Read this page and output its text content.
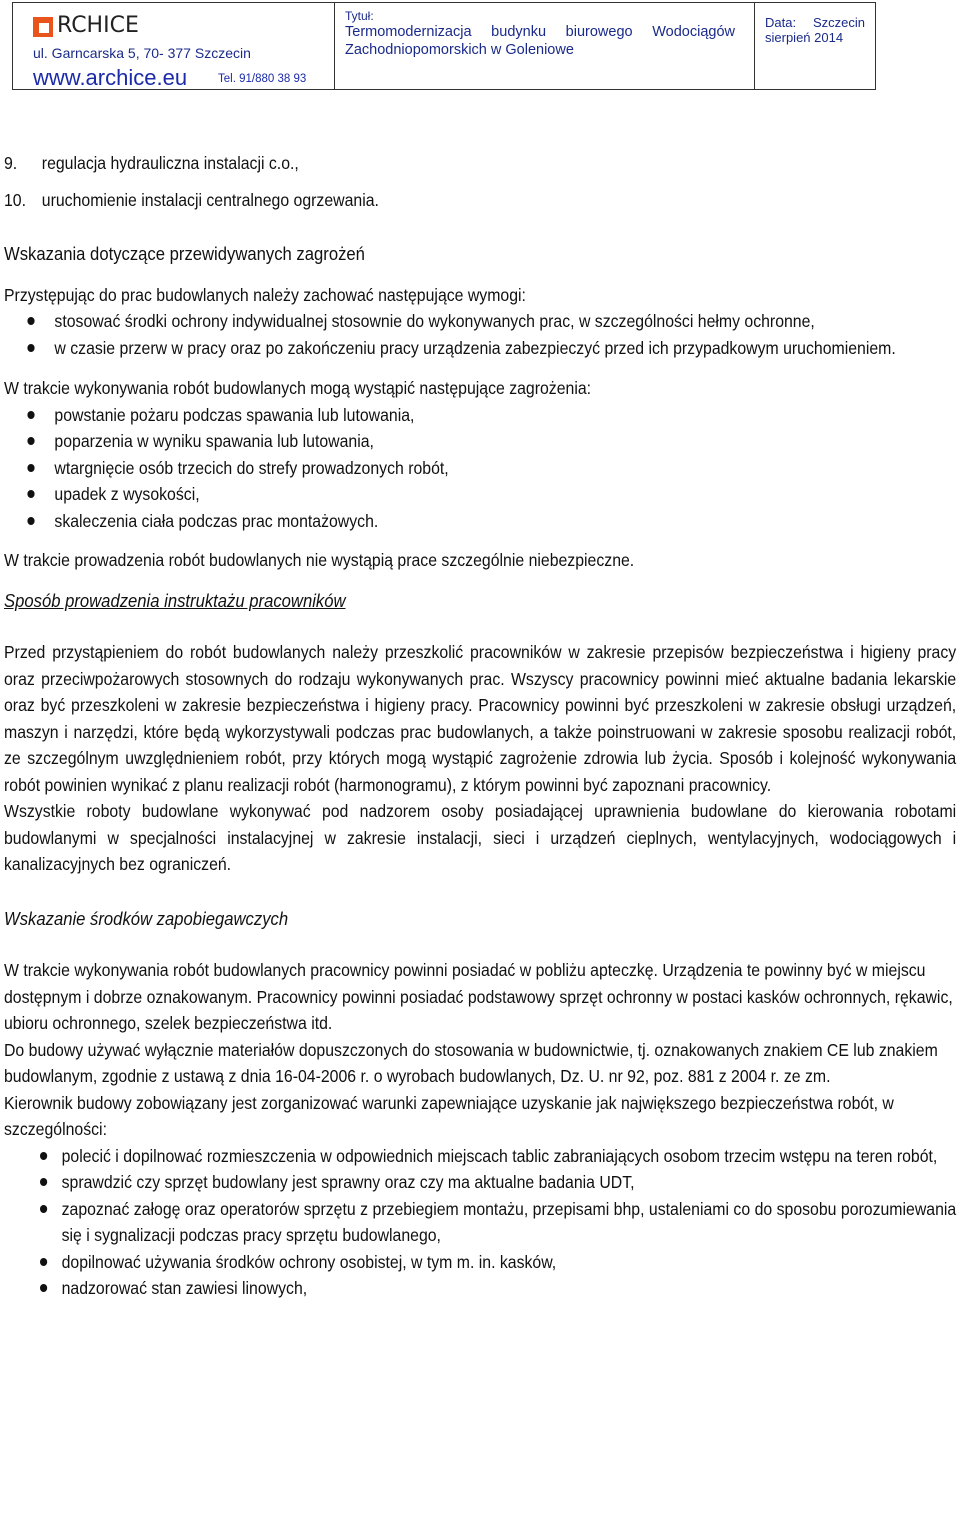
RCHICE
ul. Garncarska 5, 70- 377 Szczecin
www.archice.eu	Tel. 91/880 38 93
Tytuł:
Termomodernizacja budynku biurowego Wodociągów
Zachodniopomorskich w Goleniowe
Data: Szczecin
sierpień 2014
9. regulacja hydrauliczna instalacji c.o.,
10. uruchomienie instalacji centralnego ogrzewania.

Wskazania dotyczące przewidywanych zagrożeń

Przystępując do prac budowlanych należy zachować następujące wymogi:

stosować środki ochrony indywidualnej stosownie do wykonywanych prac, w szczególności hełmy ochronne,
w czasie przerw w pracy oraz po zakończeniu pracy urządzenia zabezpieczyć przed ich przypadkowym uruchomieniem.

W trakcie wykonywania robót budowlanych mogą wystąpić następujące zagrożenia:

powstanie pożaru podczas spawania lub lutowania,
poparzenia w wyniku spawania lub lutowania,
wtargnięcie osób trzecich do strefy prowadzonych robót,
upadek z wysokości,
skaleczenia ciała podczas prac montażowych.

W trakcie prowadzenia robót budowlanych nie wystąpią prace szczególnie niebezpieczne.

Sposób prowadzenia instruktażu pracowników

Przed przystąpieniem do robót budowlanych należy przeszkolić pracowników w zakresie przepisów bezpieczeństwa i higieny pracy oraz przeciwpożarowych stosownych do rodzaju wykonywanych prac. Wszyscy pracownicy powinni mieć aktualne badania lekarskie oraz być przeszkoleni w zakresie bezpieczeństwa i higieny pracy. Pracownicy powinni być przeszkoleni w zakresie obsługi urządzeń, maszyn i narzędzi, które będą wykorzystywali podczas prac budowlanych, a także poinstruowani w zakresie sposobu realizacji robót, ze szczególnym uwzględnieniem robót, przy których mogą wystąpić zagrożenie zdrowia lub życia. Sposób i kolejność wykonywania robót powinien wynikać z planu realizacji robót (harmonogramu), z którym powinni być zapoznani pracownicy.

Wszystkie roboty budowlane wykonywać pod nadzorem osoby posiadającej uprawnienia budowlane do kierowania robotami budowlanymi w specjalności instalacyjnej w zakresie instalacji, sieci i urządzeń cieplnych, wentylacyjnych, wodociągowych i kanalizacyjnych bez ograniczeń.

Wskazanie środków zapobiegawczych

W trakcie wykonywania robót budowlanych pracownicy powinni posiadać w pobliżu apteczkę. Urządzenia te powinny być w miejscu dostępnym i dobrze oznakowanym. Pracownicy powinni posiadać podstawowy sprzęt ochronny w postaci kasków ochronnych, rękawic, ubioru ochronnego, szelek bezpieczeństwa itd.

Do budowy używać wyłącznie materiałów dopuszczonych do stosowania w budownictwie, tj. oznakowanych znakiem CE lub znakiem budowlanym, zgodnie z ustawą z dnia 16-04-2006 r. o wyrobach budowlanych, Dz. U. nr 92, poz. 881 z 2004 r. ze zm.

Kierownik budowy zobowiązany jest zorganizować warunki zapewniające uzyskanie jak największego bezpieczeństwa robót, w szczególności:

polecić i dopilnować rozmieszczenia w odpowiednich miejscach tablic zabraniających osobom trzecim wstępu na teren robót,
sprawdzić czy sprzęt budowlany jest sprawny oraz czy ma aktualne badania UDT,
zapoznać załogę oraz operatorów sprzętu z przebiegiem montażu, przepisami bhp, ustaleniami co do sposobu porozumiewania się i sygnalizacji podczas pracy sprzętu budowlanego,
dopilnować używania środków ochrony osobistej, w tym m. in. kasków,
nadzorować stan zawiesi linowych,
